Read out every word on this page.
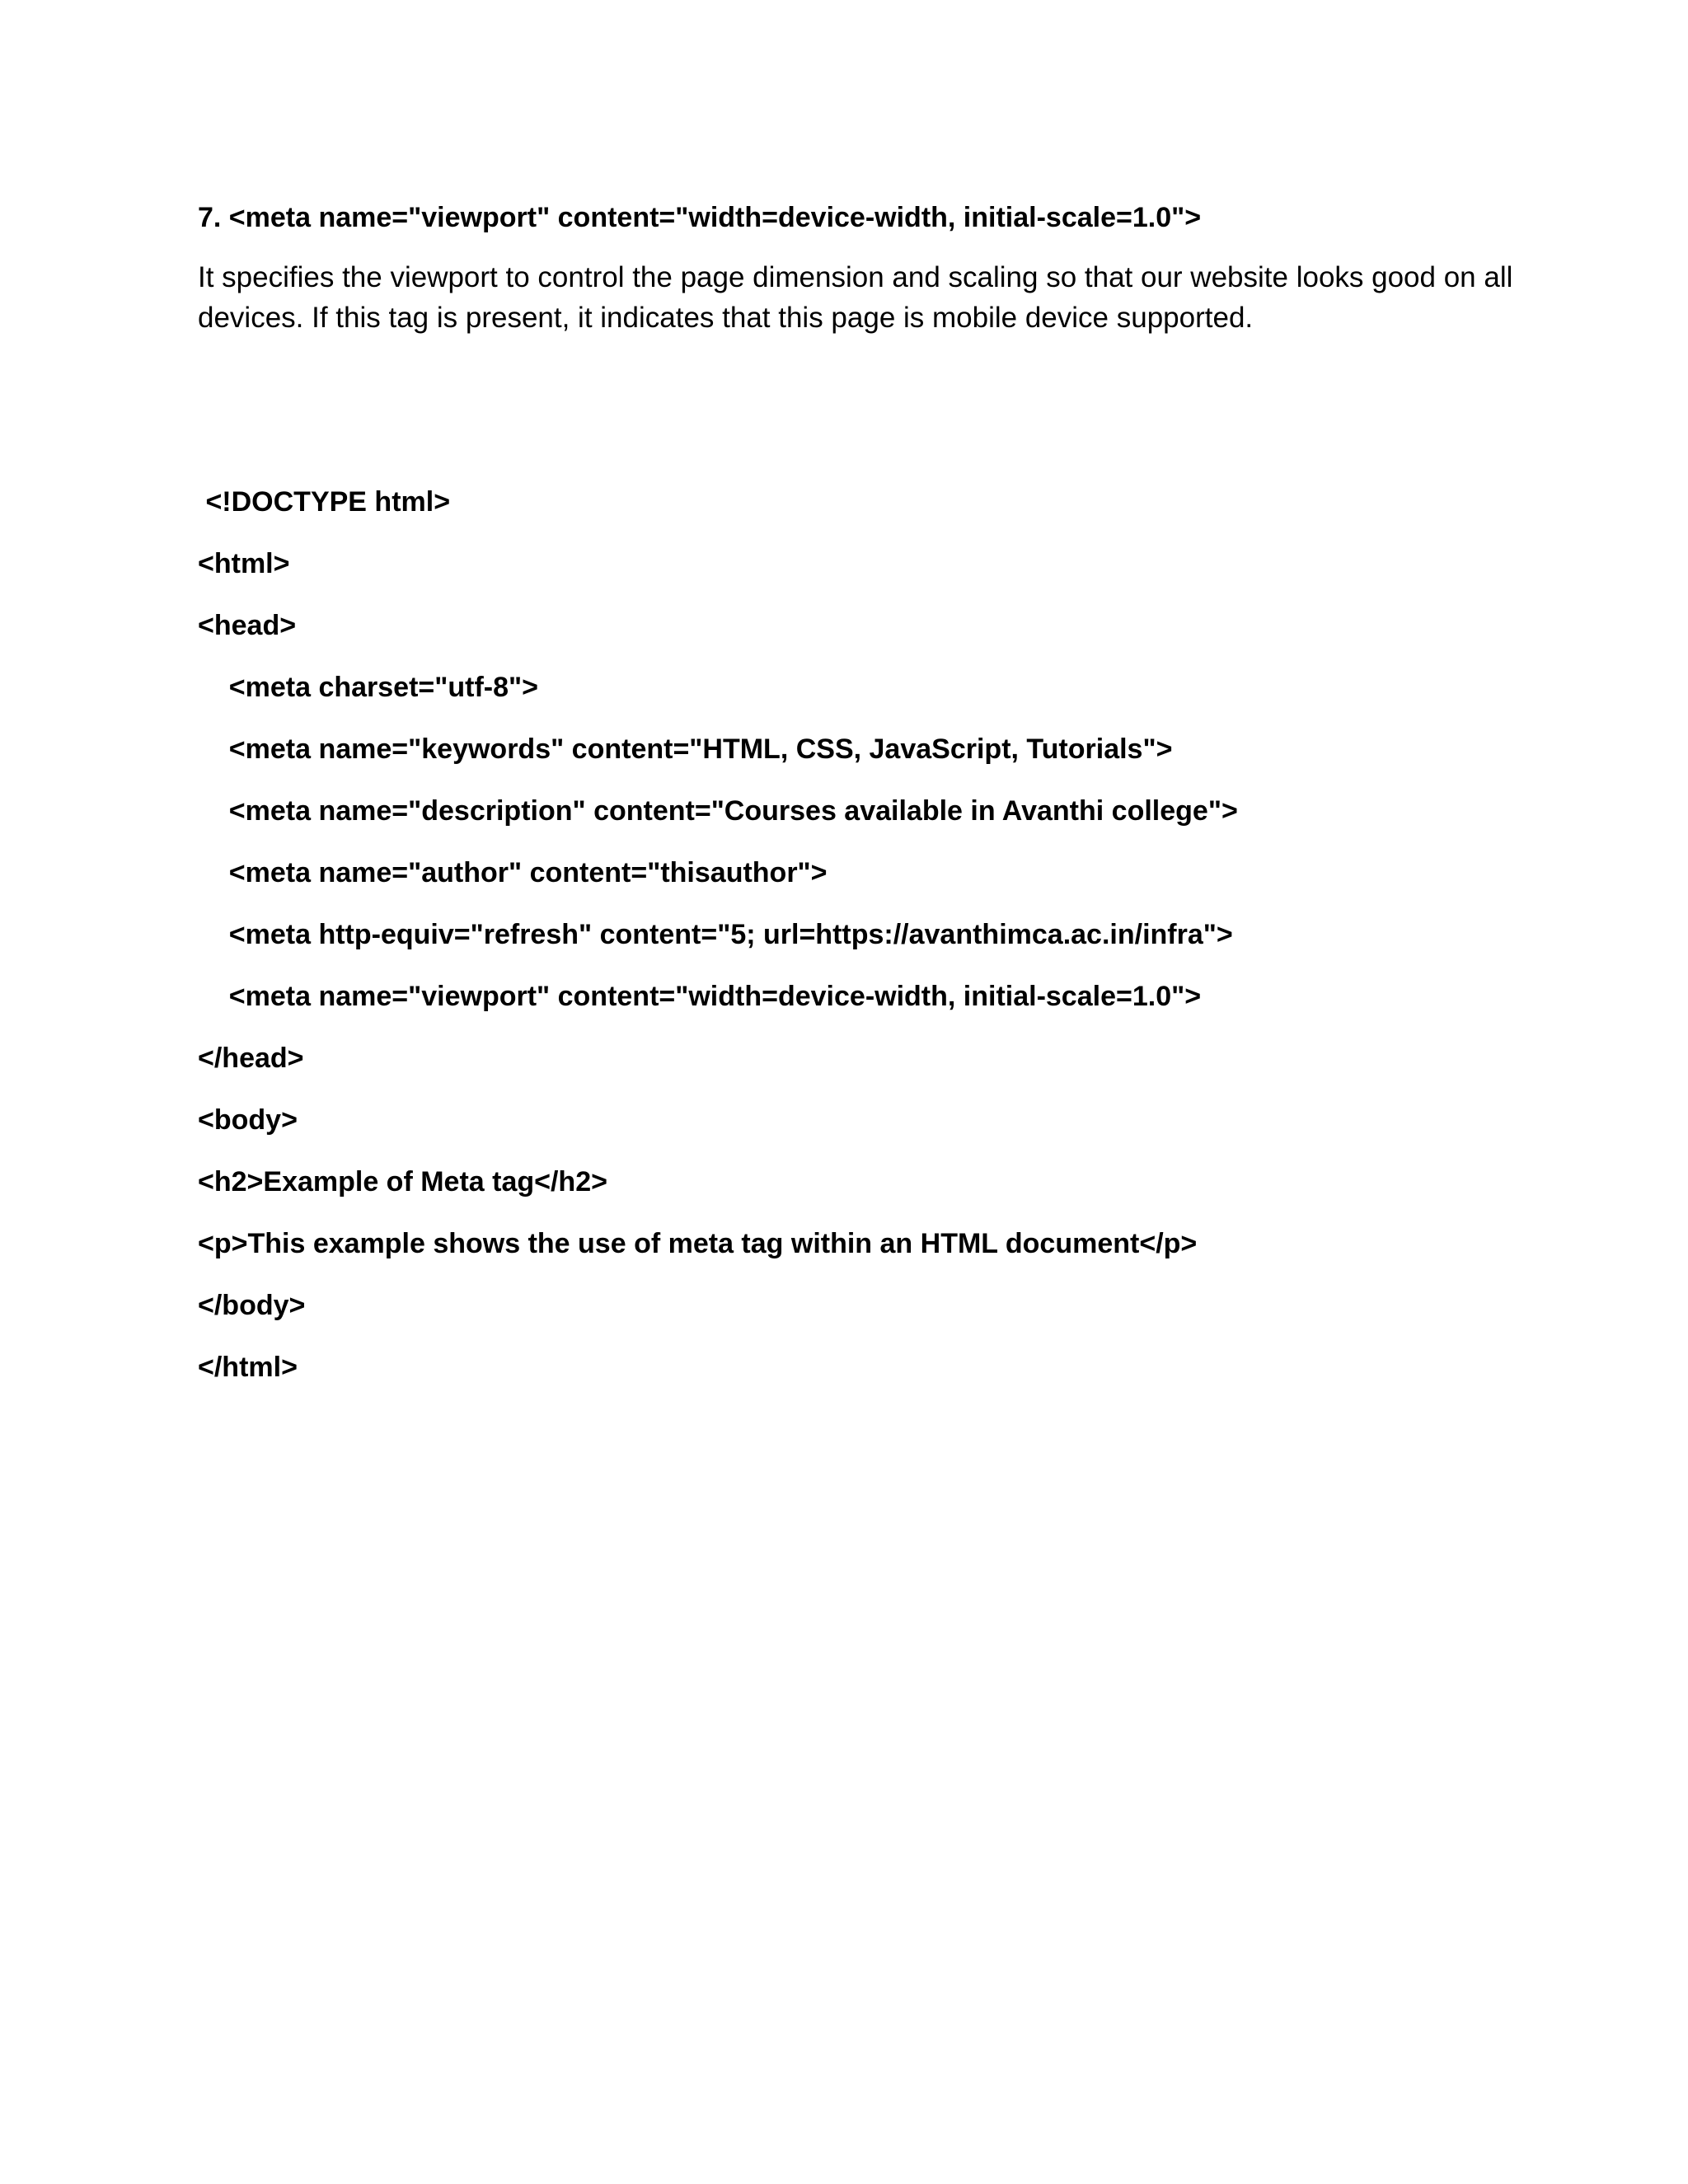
7. <meta name="viewport" content="width=device-width, initial-scale=1.0">
It specifies the viewport to control the page dimension and scaling so that our website looks good on all
devices. If this tag is present, it indicates that this page is mobile device supported.
<!DOCTYPE html>
<html>
<head>
<meta charset="utf-8">
<meta name="keywords" content="HTML, CSS, JavaScript, Tutorials">
<meta name="description" content="Courses available in Avanthi college">
<meta name="author" content="thisauthor">
<meta http-equiv="refresh" content="5; url=https://avanthimca.ac.in/infra">
<meta name="viewport" content="width=device-width, initial-scale=1.0">
</head>
<body>
<h2>Example of Meta tag</h2>
<p>This example shows the use of meta tag within an HTML document</p>
</body>
</html>
